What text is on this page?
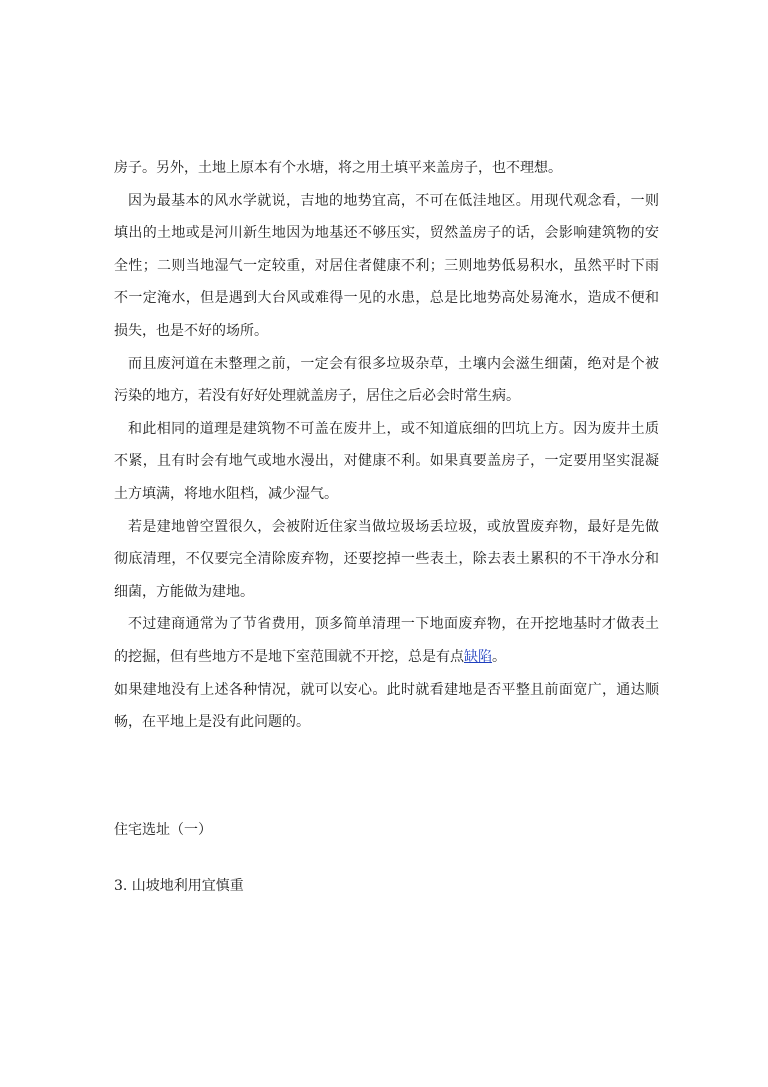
房子。另外，土地上原本有个水塘，将之用土填平来盖房子，也不理想。

因为最基本的风水学就说，吉地的地势宜高，不可在低洼地区。用现代观念看，一则填出的土地或是河川新生地因为地基还不够压实，贸然盖房子的话，会影响建筑物的安全性；二则当地湿气一定较重，对居住者健康不利；三则地势低易积水，虽然平时下雨不一定淹水，但是遇到大台风或难得一见的水患，总是比地势高处易淹水，造成不便和损失，也是不好的场所。

而且废河道在未整理之前，一定会有很多垃圾杂草，土壤内会滋生细菌，绝对是个被污染的地方，若没有好好处理就盖房子，居住之后必会时常生病。

和此相同的道理是建筑物不可盖在废井上，或不知道底细的凹坑上方。因为废井土质不紧，且有时会有地气或地水漫出，对健康不利。如果真要盖房子，一定要用坚实混凝土方填满，将地水阻档，减少湿气。

若是建地曾空置很久，会被附近住家当做垃圾场丢垃圾，或放置废弃物，最好是先做彻底清理，不仅要完全清除废弃物，还要挖掉一些表土，除去表土累积的不干净水分和细菌，方能做为建地。

不过建商通常为了节省费用，顶多简单清理一下地面废弃物，在开挖地基时才做表土的挖掘，但有些地方不是地下室范围就不开挖，总是有点缺陷。

如果建地没有上述各种情况，就可以安心。此时就看建地是否平整且前面宽广，通达顺畅，在平地上是没有此问题的。

住宅选址（一）
3. 山坡地利用宜慎重
